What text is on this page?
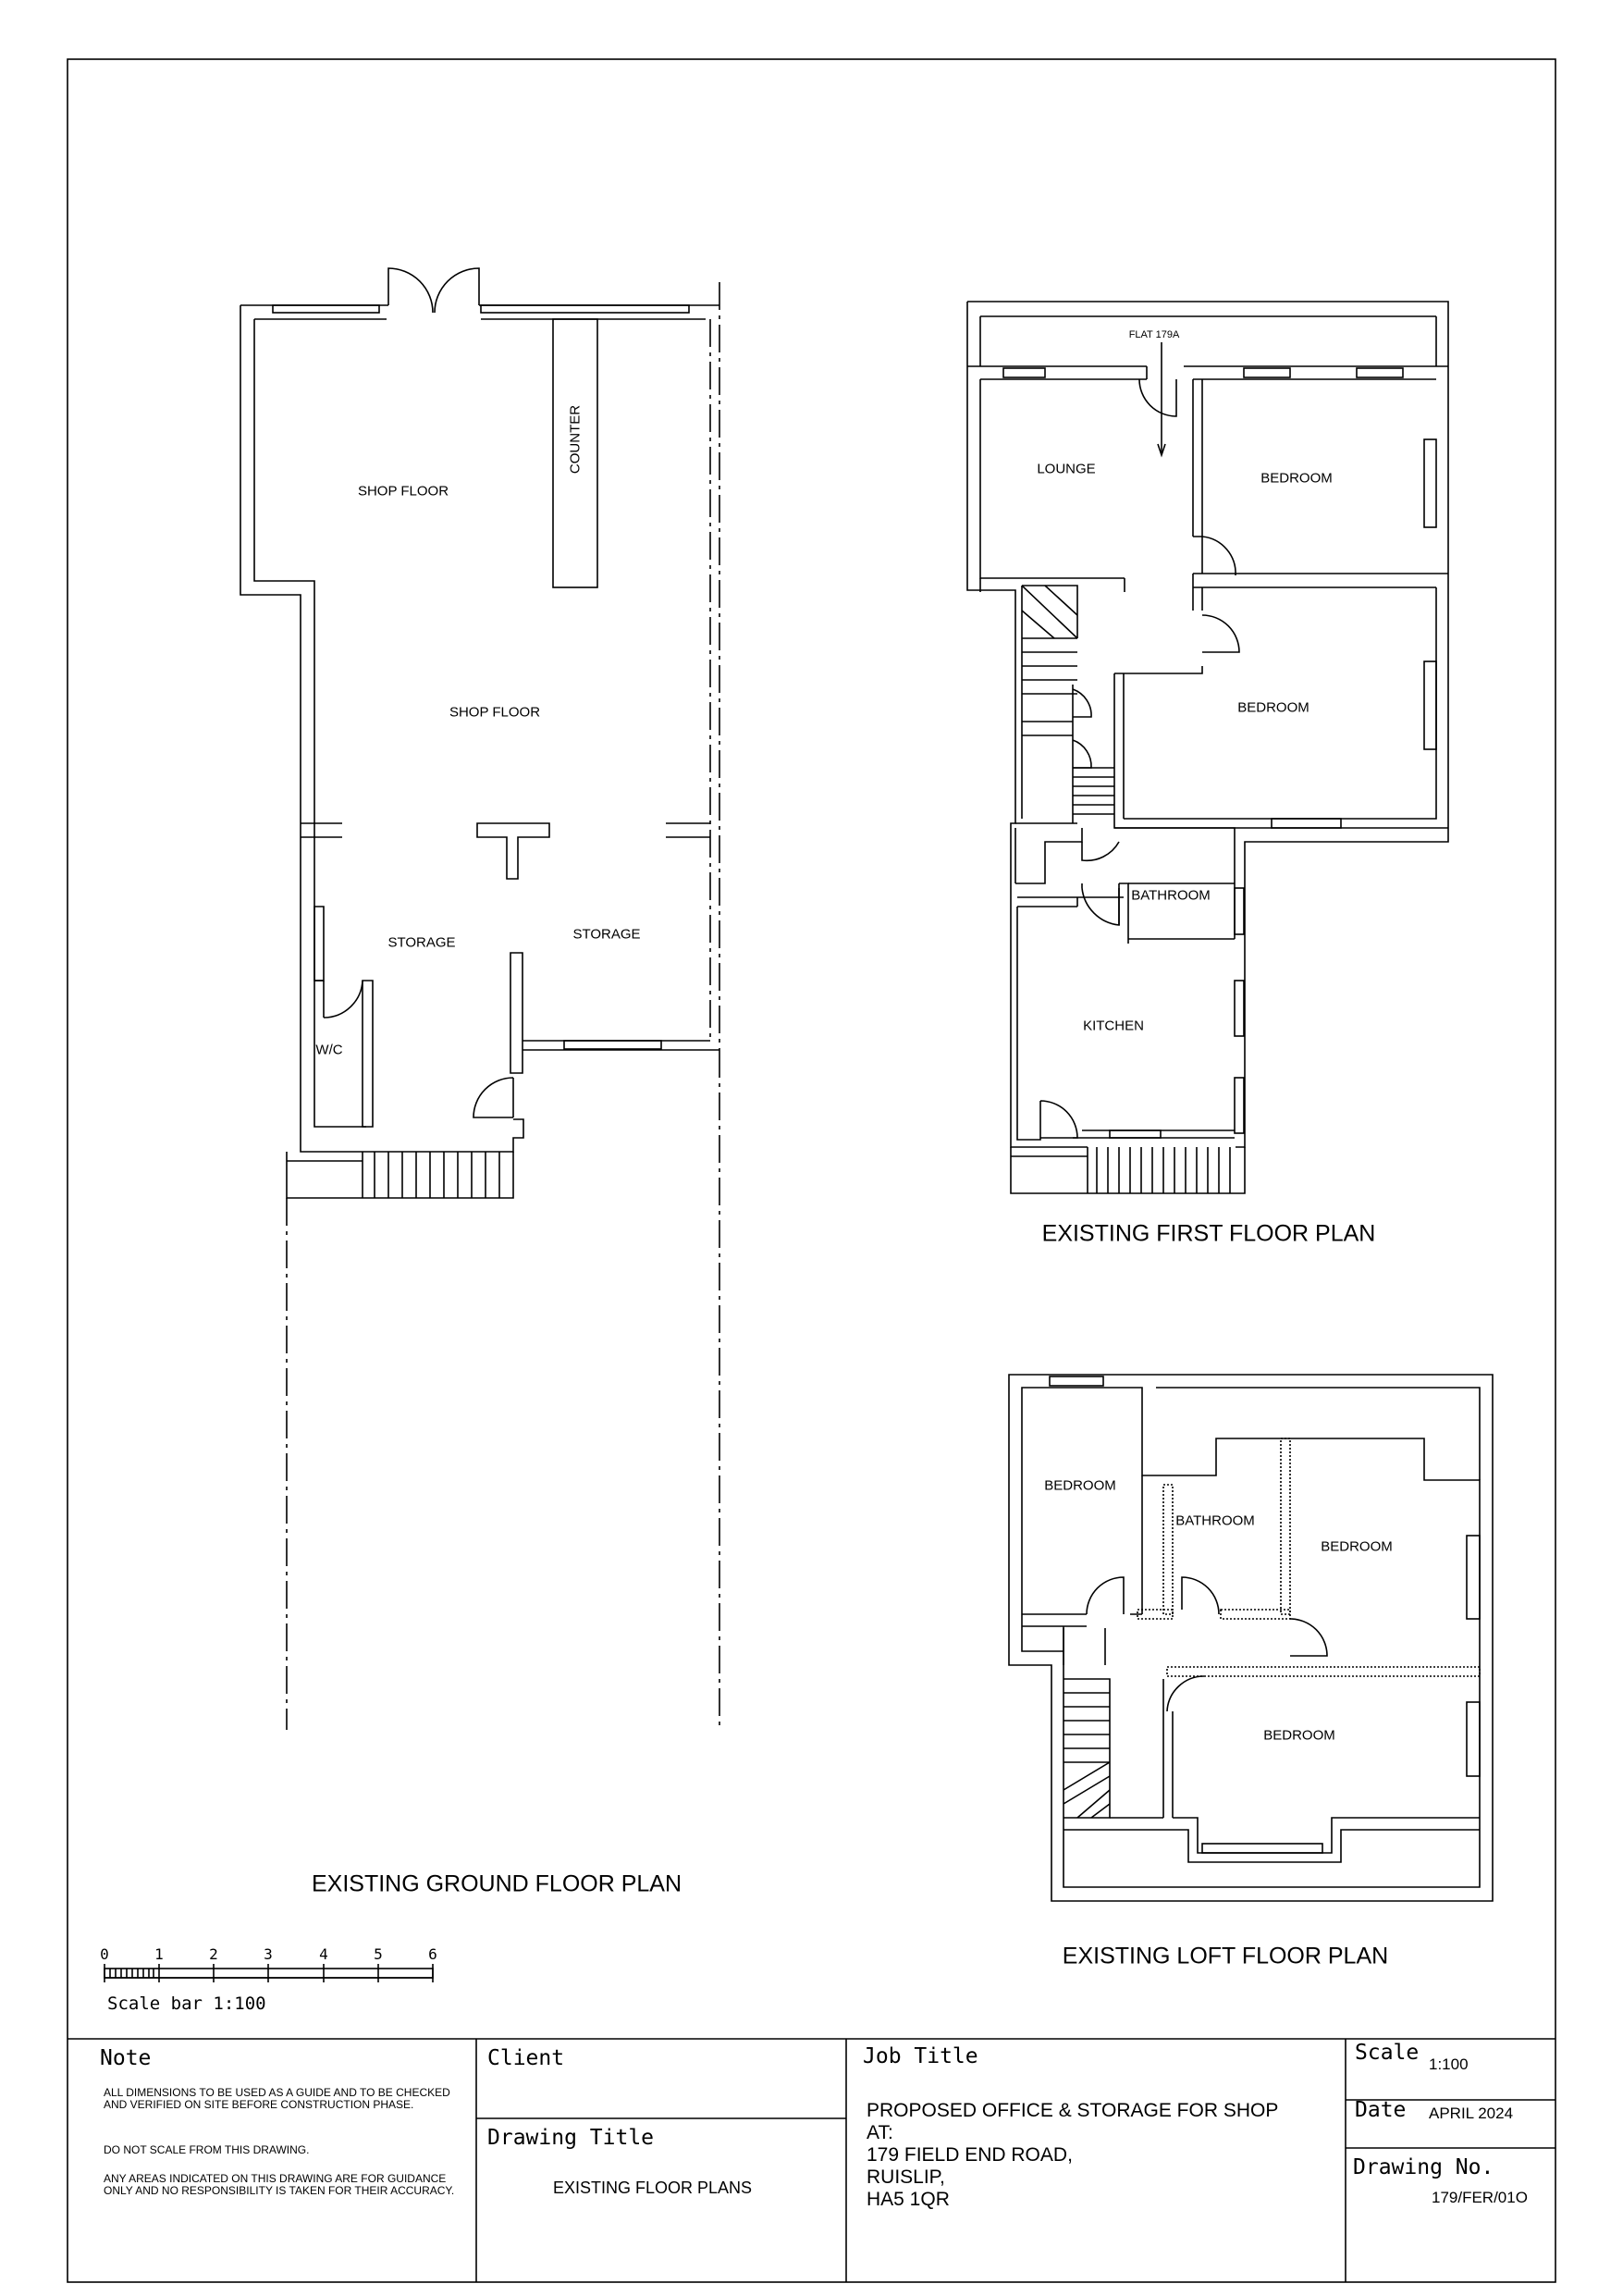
SHOP FLOOR
COUNTER
SHOP FLOOR
STORAGE
STORAGE
W/C
EXISTING GROUND FLOOR PLAN
FLAT 179A
LOUNGE
BEDROOM
BEDROOM
BATHROOM
KITCHEN
EXISTING FIRST FLOOR PLAN
BEDROOM
BATHROOM
BEDROOM
BEDROOM
EXISTING LOFT FLOOR PLAN
0	1	2	3	4	5	6
Scale bar 1:100
Note
ALL DIMENSIONS TO BE USED AS A GUIDE AND TO BE CHECKED AND VERIFIED ON SITE BEFORE CONSTRUCTION PHASE.
DO NOT SCALE FROM THIS DRAWING.
ANY AREAS INDICATED ON THIS DRAWING ARE FOR GUIDANCE ONLY AND NO RESPONSIBILITY IS TAKEN FOR THEIR ACCURACY.
Client
Drawing Title
EXISTING FLOOR PLANS
Job Title
PROPOSED OFFICE & STORAGE FOR SHOP
AT:
179 FIELD END ROAD,
RUISLIP,
HA5 1QR
Scale 1:100
Date APRIL 2024
Drawing No.
179/FER/01O
